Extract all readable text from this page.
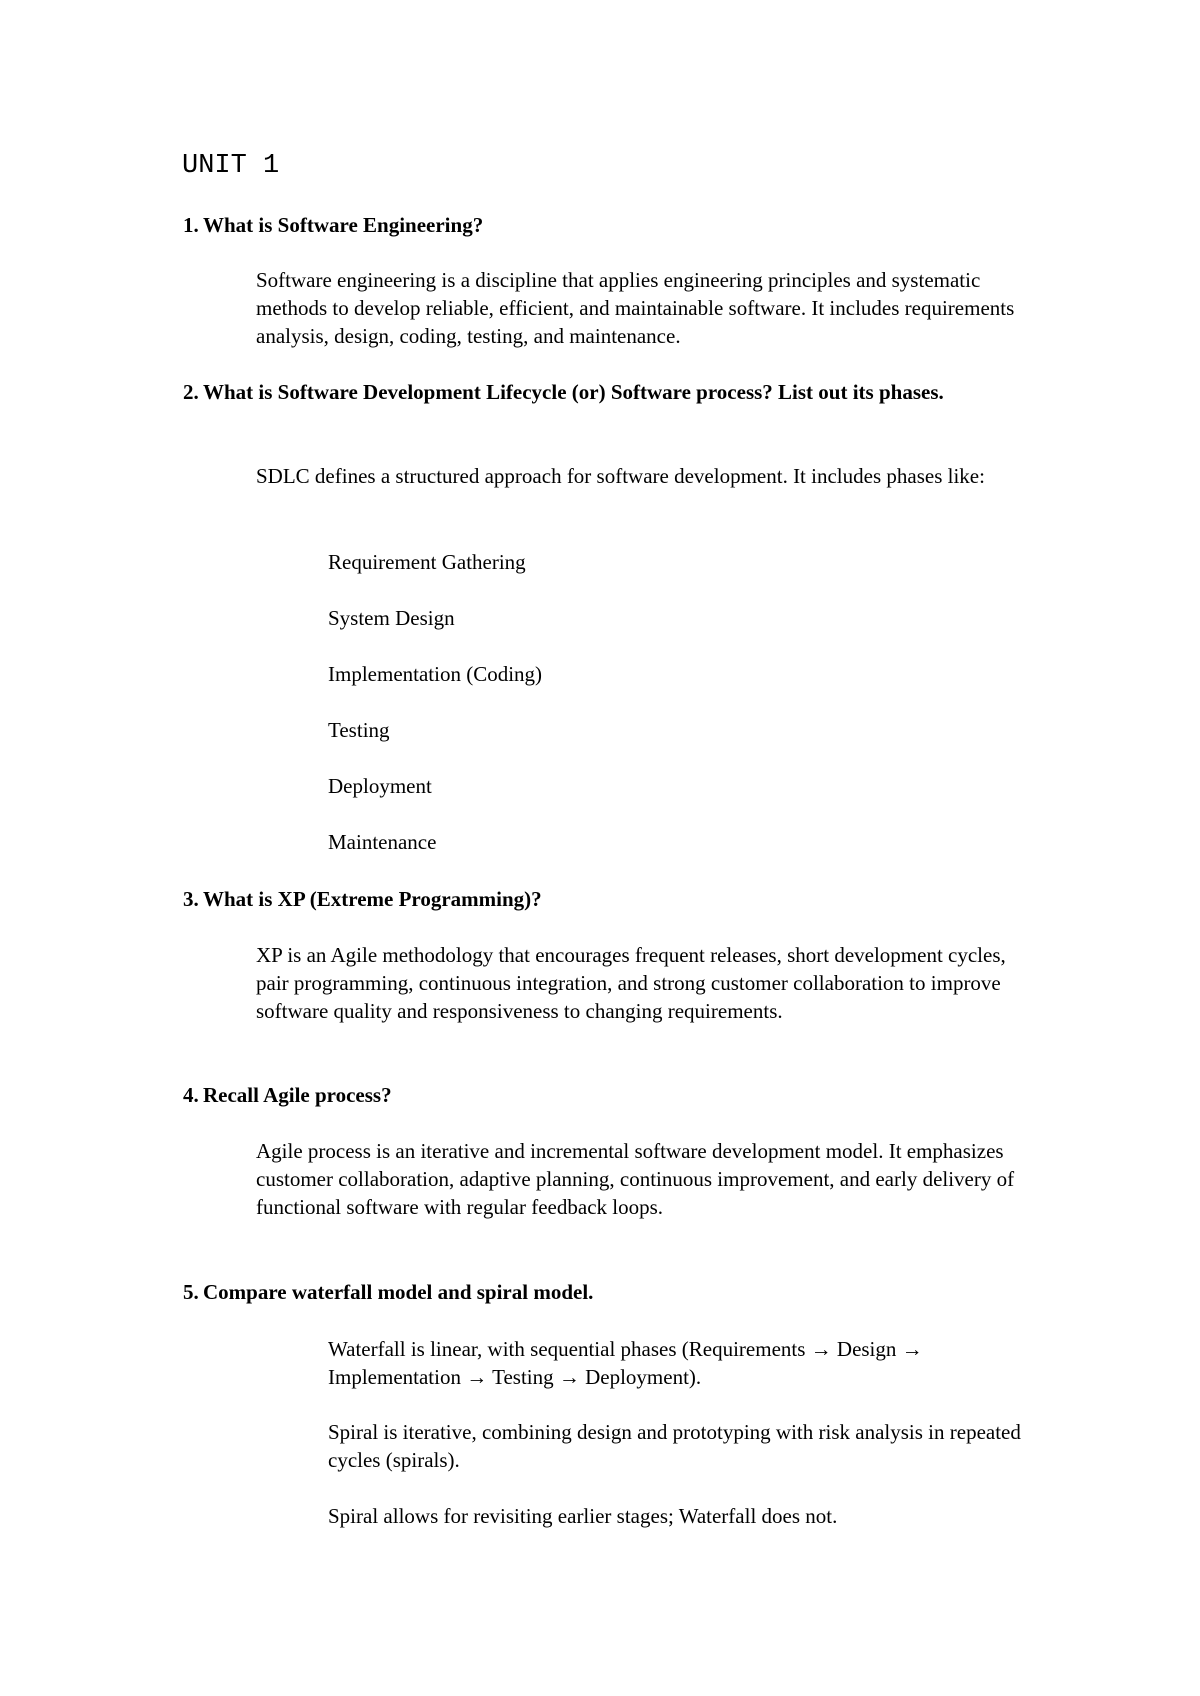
UNIT 1

1. What is Software Engineering?

Software engineering is a discipline that applies engineering principles and systematic methods to develop reliable, efficient, and maintainable software. It includes requirements analysis, design, coding, testing, and maintenance.

2. What is Software Development Lifecycle (or) Software process? List out its phases.

SDLC defines a structured approach for software development. It includes phases like:

Requirement Gathering

System Design

Implementation (Coding)

Testing

Deployment

Maintenance

3. What is XP (Extreme Programming)?

XP is an Agile methodology that encourages frequent releases, short development cycles, pair programming, continuous integration, and strong customer collaboration to improve software quality and responsiveness to changing requirements.

4. Recall Agile process?

Agile process is an iterative and incremental software development model. It emphasizes customer collaboration, adaptive planning, continuous improvement, and early delivery of functional software with regular feedback loops.

5. Compare waterfall model and spiral model.

Waterfall is linear, with sequential phases (Requirements → Design → Implementation → Testing → Deployment).

Spiral is iterative, combining design and prototyping with risk analysis in repeated cycles (spirals).

Spiral allows for revisiting earlier stages; Waterfall does not.
